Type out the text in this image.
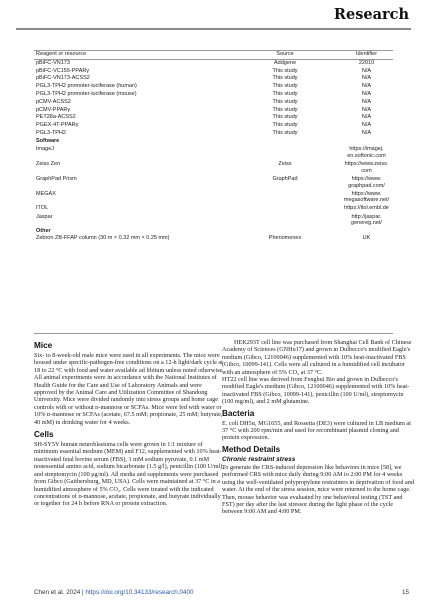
Research
Reagent or resource	Source	Identifier
pBiFC-VN173	Addgene	22010
pBiFC-VC155-PPARγ	This study	N/A
pBiFC-VN173-ACSS2	This study	N/A
PGL3-TPH2 promoter-luciferase (human)	This study	N/A
PGL3-TPH2 promoter-luciferase (mouse)	This study	N/A
pCMV-ACSS2	This study	N/A
pCMV-PPARγ	This study	N/A
PET28a-ACSS2	This study	N/A
PGEX-4T-PPARγ	This study	N/A
PGL3-TPH2	This study	N/A
Software		
ImageJ		https://imagej.
en.softonic.com

Zeiss Zen	Zeiss	https://www.zeiss.
com

GraphPad Prism	GraphPad	https://www.
graphpad.com/

MEGAX		https://www.
megasoftware.net/

ITOL		https://itol.embl.de

Jaspar		http://jaspar.
genereg.net/

Other		
Zebron ZB-FFAP column (30 m × 0.32 mm × 0.25 mm)	Phenomenex	UK
Mice

Six- to 8-week-old male mice were used in all experiments. The mice were housed under specific-pathogen-free conditions on a 12-h light/dark cycle at 18 to 22 °C with food and water available ad libitum unless noted otherwise. All animal experiments were in accordance with the National Institutes of Health Guide for the Care and Use of Laboratory Animals and were approved by the Animal Care and Utilization Committee of Shandong University. Mice were divided randomly into stress groups and home cage controls with or without ᴅ-mannose or SCFAs. Mice were fed with water or 10% ᴅ-mannose or SCFAs (acetate, 67.5 mM; propionate, 25 mM; butyrate, 40 mM) in drinking water for 4 weeks.

Cells

SH-SY5Y human neuroblastoma cells were grown in 1:1 mixture of minimum essential medium (MEM) and F12, supplemented with 10% heat-inactivated fetal bovine serum (FBS), 1 mM sodium pyruvate, 0.1 mM nonessential amino acid, sodium bicarbonate (1.5 g/l), penicillin (100 U/ml), and streptomycin (100 μg/ml). All media and supplements were purchased from Gibco (Gaithersburg, MD, USA). Cells were maintained at 37 °C in a humidified atmosphere of 5% CO₂. Cells were treated with the indicated concentrations of ᴅ-mannose, acetate, propionate, and butyrate individually or together for 24 h before RNA or protein extraction.

HEK293T cell line was purchased from Shanghai Cell Bank of Chinese Academy of Sciences (GNHu17) and grown in Dulbecco's modified Eagle's medium (Gibco, 12100046) supplemented with 10% heat-inactivated FBS (Gibco, 10099-141). Cells were all cultured in a humidified cell incubator with an atmosphere of 5% CO₂ at 37 °C.

HT22 cell line was derived from Fenghui Bio and grown in Dulbecco's modified Eagle's medium (Gibco, 12100046) supplemented with 10% heat-inactivated FBS (Gibco, 10099-141), penicillin (100 U/ml), streptomycin (100 mg/ml), and 2 mM glutamine.

Bacteria

E. coli DH5α, MG1655, and Rossetta (DE3) were cultured in LB medium at 37 °C with 200 rpm/min and used for recombinant plasmid cloning and protein expression.

Method Details
Chronic restraint stress

To generate the CRS-induced depression like behaviors in mice [58], we performed CRS with mice daily during 9:00 AM to 2:00 PM for 4 weeks using the well-ventilated polypropylene restrainers in deprivation of food and water. At the end of the stress session, mice were returned to the home cage. Then, mouse behavior was evaluated by one behavioral testing (TST and FST) per day after the last stressor during the light phase of the cycle between 9:00 AM and 4:00 PM.

Chen et al. 2024 | https://doi.org/10.34133/research.0400	15
